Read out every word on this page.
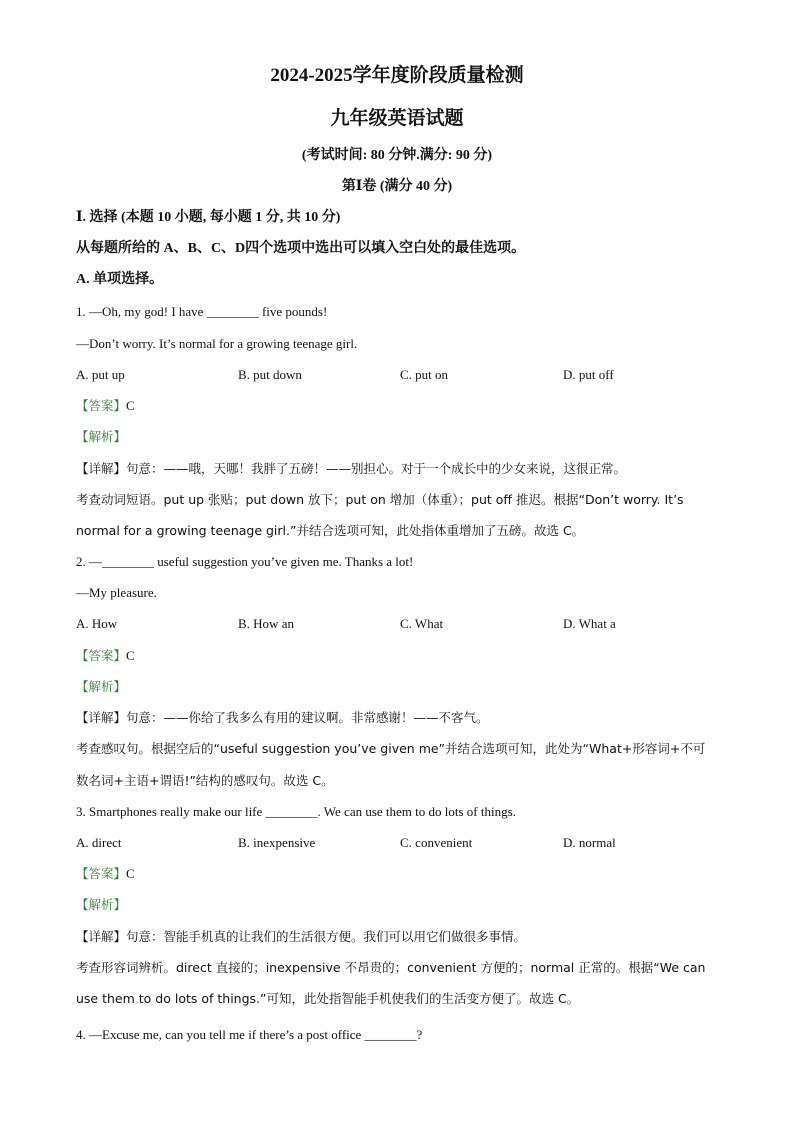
2024-2025学年度阶段质量检测
九年级英语试题
(考试时间: 80 分钟.满分: 90 分)
第Ⅰ卷 (满分 40 分)
Ⅰ. 选择 (本题 10 小题, 每小题 1 分, 共 10 分)
从每题所给的 A、B、C、D四个选项中选出可以填入空白处的最佳选项。
A. 单项选择。
1. —Oh, my god! I have ________ five pounds!
—Don’t worry. It’s normal for a growing teenage girl.
A. put up	B. put down	C. put on	D. put off
【答案】C
【解析】
【详解】句意：——哦，天哪！我胖了五磅！——别担心。对于一个成长中的少女来说，这很正常。
考查动词短语。put up 张贴；put down 放下；put on 增加（体重）；put off 推迟。根据“Don’t worry. It’s
normal for a growing teenage girl.”并结合选项可知，此处指体重增加了五磅。故选 C。
2. —________ useful suggestion you’ve given me. Thanks a lot!
—My pleasure.
A. How	B. How an	C. What	D. What a
【答案】C
【解析】
【详解】句意：——你给了我多么有用的建议啊。非常感谢！——不客气。
考查感叹句。根据空后的“useful suggestion you’ve given me”并结合选项可知，此处为“What+形容词+不可
数名词+主语+谓语!”结构的感叹句。故选 C。
3. Smartphones really make our life ________. We can use them to do lots of things.
A. direct	B. inexpensive	C. convenient	D. normal
【答案】C
【解析】
【详解】句意：智能手机真的让我们的生活很方便。我们可以用它们做很多事情。
考查形容词辨析。direct 直接的；inexpensive 不昂贵的；convenient 方便的；normal 正常的。根据“We can
use them to do lots of things.”可知，此处指智能手机使我们的生活变方便了。故选 C。
4. —Excuse me, can you tell me if there’s a post office ________?
